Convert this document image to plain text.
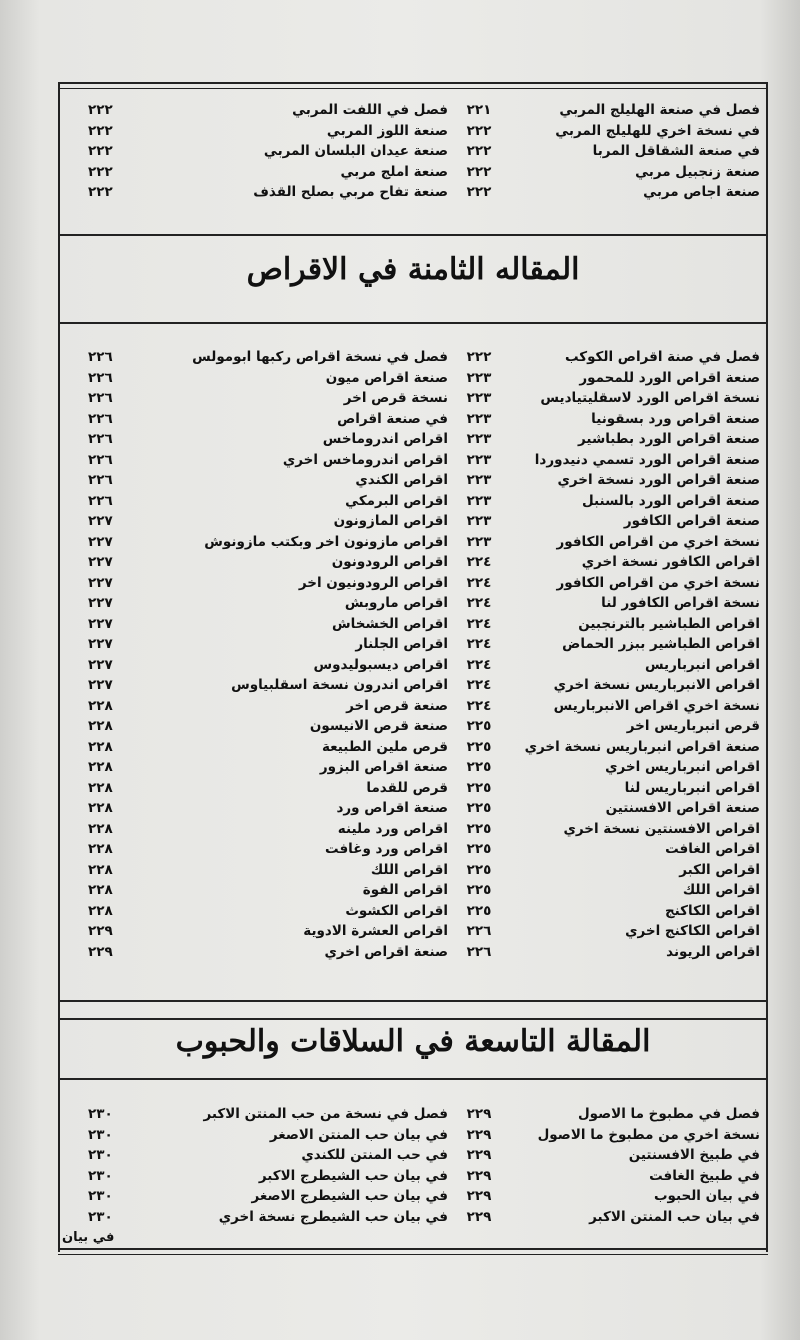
فصل في صنعة الهليلج المربي
٢٢١
فصل في اللفت المربي
٢٢٢
في نسخة اخري للهليلج المربي
٢٢٢
صنعة اللوز المربي
٢٢٢
في صنعة الشقاقل المربا
٢٢٢
صنعة عيدان البلسان المربي
٢٢٢
صنعة زنجبيل مربي
٢٢٢
صنعة املج مربي
٢٢٢
صنعة اجاص مربي
٢٢٢
صنعة تفاح مربي بصلح القذف
٢٢٢
المقاله الثامنة في الاقراص
فصل في صنة اقراص الكوكب
٢٢٢
فصل في نسخة اقراص ركبها ابومولس
٢٢٦
صنعة اقراص الورد للمحمور
٢٢٣
صنعة اقراص ميون
٢٢٦
نسخة اقراص الورد لاسقليتياديس
٢٢٣
نسخة قرص اخر
٢٢٦
صنعة اقراص ورد بسقونيا
٢٢٣
في صنعة اقراص
٢٢٦
صنعة اقراص الورد بطباشير
٢٢٣
اقراص اندروماخس
٢٢٦
صنعة اقراص الورد تسمي دنيدوردا
٢٢٣
اقراص اندروماخس اخري
٢٢٦
صنعة اقراص الورد نسخة اخري
٢٢٣
اقراص الكندي
٢٢٦
صنعة اقراص الورد بالسنبل
٢٢٣
اقراص البرمكي
٢٢٦
صنعة اقراص الكافور
٢٢٣
اقراص المازونون
٢٢٧
نسخة اخري من اقراص الكافور
٢٢٣
اقراص مازونون اخر وبكتب مازونوش
٢٢٧
اقراص الكافور نسخة اخري
٢٢٤
اقراص الرودونون
٢٢٧
نسخة اخري من اقراص الكافور
٢٢٤
اقراص الرودونيون اخر
٢٢٧
نسخة اقراص الكافور لنا
٢٢٤
اقراص ماروبش
٢٢٧
اقراص الطباشير بالترنجبين
٢٢٤
اقراص الخشخاش
٢٢٧
اقراص الطباشير ببزر الحماض
٢٢٤
اقراص الجلنار
٢٢٧
اقراص انبرباريس
٢٢٤
اقراص ديسبوليدوس
٢٢٧
اقراص الانبرباريس نسخة اخري
٢٢٤
اقراص اندرون نسخة اسقلبياوس
٢٢٧
نسخة اخري اقراص الانبرباريس
٢٢٤
صنعة قرص اخر
٢٢٨
قرص انبرباريس اخر
٢٢٥
صنعة قرص الانيسون
٢٢٨
صنعة اقراص انبرباريس نسخة اخري
٢٢٥
قرص ملين الطبيعة
٢٢٨
اقراص انبرباريس اخري
٢٢٥
صنعة اقراص البزور
٢٢٨
اقراص انبرباريس لنا
٢٢٥
قرص للقدما
٢٢٨
صنعة اقراص الافسنتين
٢٢٥
صنعة اقراص ورد
٢٢٨
اقراص الافسنتين نسخة اخري
٢٢٥
اقراص ورد ملينه
٢٢٨
اقراص الغافت
٢٢٥
اقراص ورد وغافت
٢٢٨
اقراص الكبر
٢٢٥
اقراص اللك
٢٢٨
اقراص اللك
٢٢٥
اقراص الفوة
٢٢٨
اقراص الكاكنج
٢٢٥
اقراص الكشوث
٢٢٨
اقراص الكاكنج اخري
٢٢٦
اقراص العشرة الادوية
٢٢٩
اقراص الريوند
٢٢٦
صنعة اقراص اخري
٢٢٩
المقالة التاسعة في السلاقات والحبوب
فصل في مطبوخ ما الاصول
٢٢٩
فصل في نسخة من حب المنتن الاكبر
٢٣٠
نسخة اخري من مطبوخ ما الاصول
٢٢٩
في بيان حب المنتن الاصغر
٢٣٠
في طبيخ الافسنتين
٢٢٩
في حب المنتن للكندي
٢٣٠
في طبيخ الغافت
٢٢٩
في بيان حب الشيطرج الاكبر
٢٣٠
في بيان الحبوب
٢٢٩
في بيان حب الشيطرج الاصغر
٢٣٠
في بيان حب المنتن الاكبر
٢٢٩
في بيان حب الشيطرج نسخة اخري
٢٣٠
في بيان
